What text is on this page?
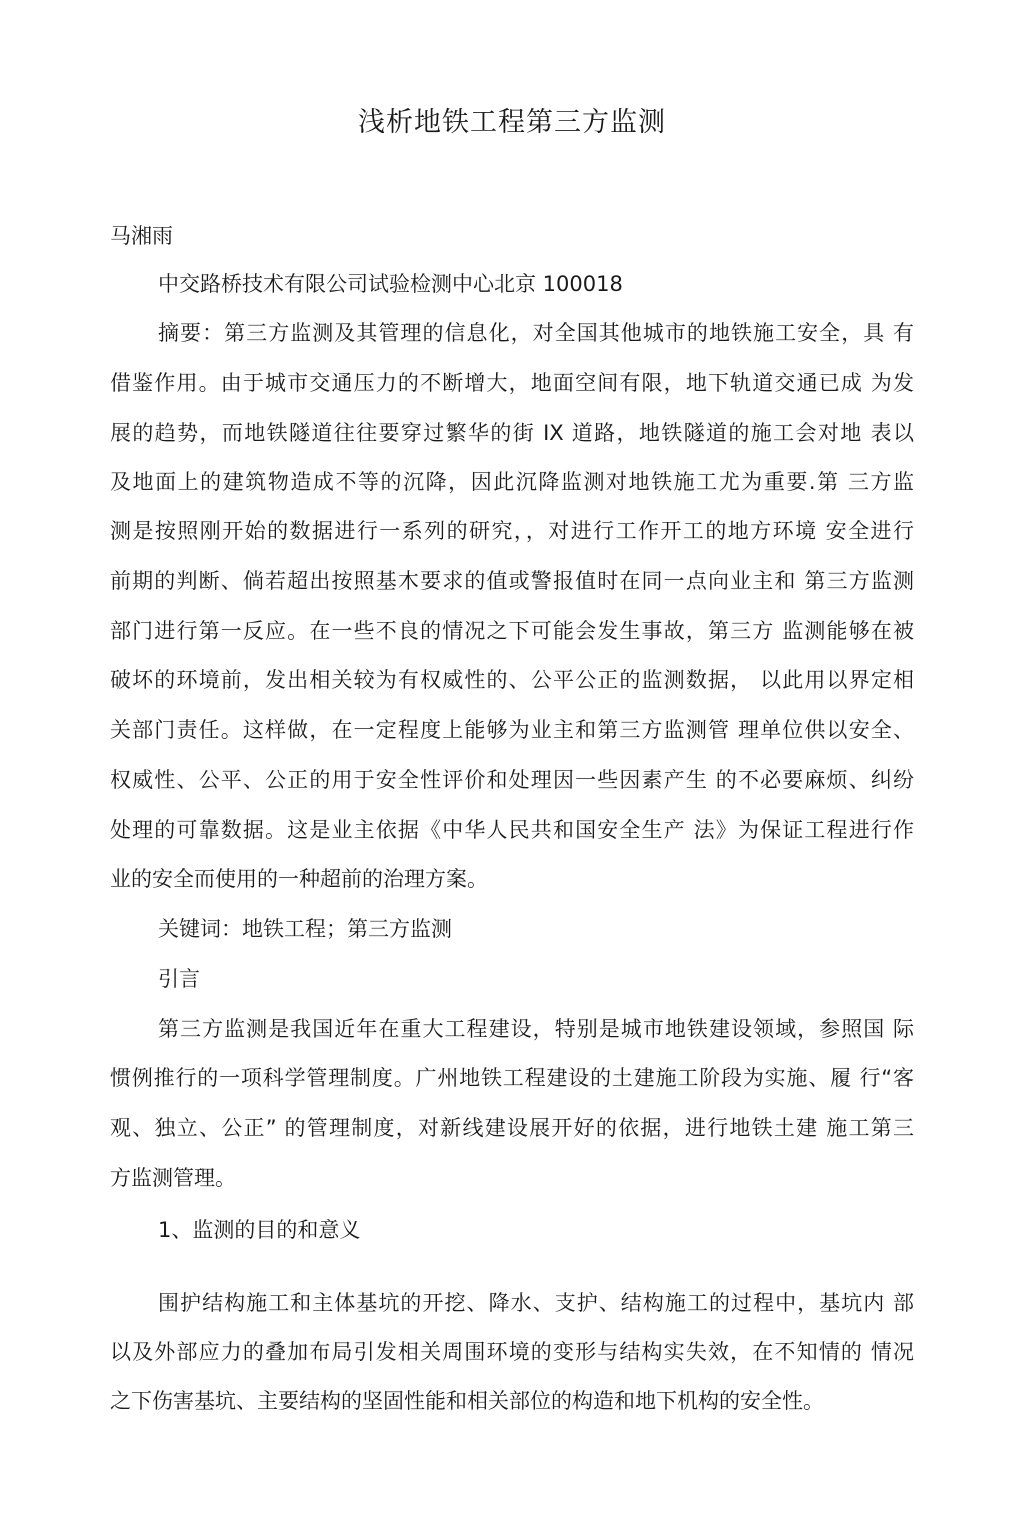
浅析地铁工程第三方监测

马湘雨

中交路桥技术有限公司试验检测中心北京 100018

摘要：第三方监测及其管理的信息化，对全国其他城市的地铁施工安全，具 有

借鉴作用。由于城市交通压力的不断增大，地面空间有限，地下轨道交通已成 为发

展的趋势，而地铁隧道往往要穿过繁华的街 IX 道路，地铁隧道的施工会对地 表以

及地面上的建筑物造成不等的沉降，因此沉降监测对地铁施工尤为重要.第 三方监

测是按照刚开始的数据进行一系列的研究，，对进行工作开工的地方环境 安全进行

前期的判断、倘若超出按照基木要求的值或警报值时在同一点向业主和 第三方监测

部门进行第一反应。在一些不良的情况之下可能会发生事故，第三方 监测能够在被

破坏的环境前，发出相关较为有权威性的、公平公正的监测数据， 以此用以界定相

关部门责任。这样做，在一定程度上能够为业主和第三方监测管 理单位供以安全、

权威性、公平、公正的用于安全性评价和处理因一些因素产生 的不必要麻烦、纠纷

处理的可靠数据。这是业主依据《中华人民共和国安全生产 法》为保证工程进行作

业的安全而使用的一种超前的治理方案。

关键词：地铁工程；第三方监测

引言

第三方监测是我国近年在重大工程建设，特别是城市地铁建设领域，参照国 际

惯例推行的一项科学管理制度。广州地铁工程建设的土建施工阶段为实施、履 行“客

观、独立、公正” 的管理制度，对新线建设展开好的依据，进行地铁土建 施工第三

方监测管理。

1、监测的目的和意义

围护结构施工和主体基坑的开挖、降水、支护、结构施工的过程中，基坑内 部

以及外部应力的叠加布局引发相关周围环境的变形与结构实失效，在不知情的 情况

之下伤害基坑、主要结构的坚固性能和相关部位的构造和地下机构的安全性。
